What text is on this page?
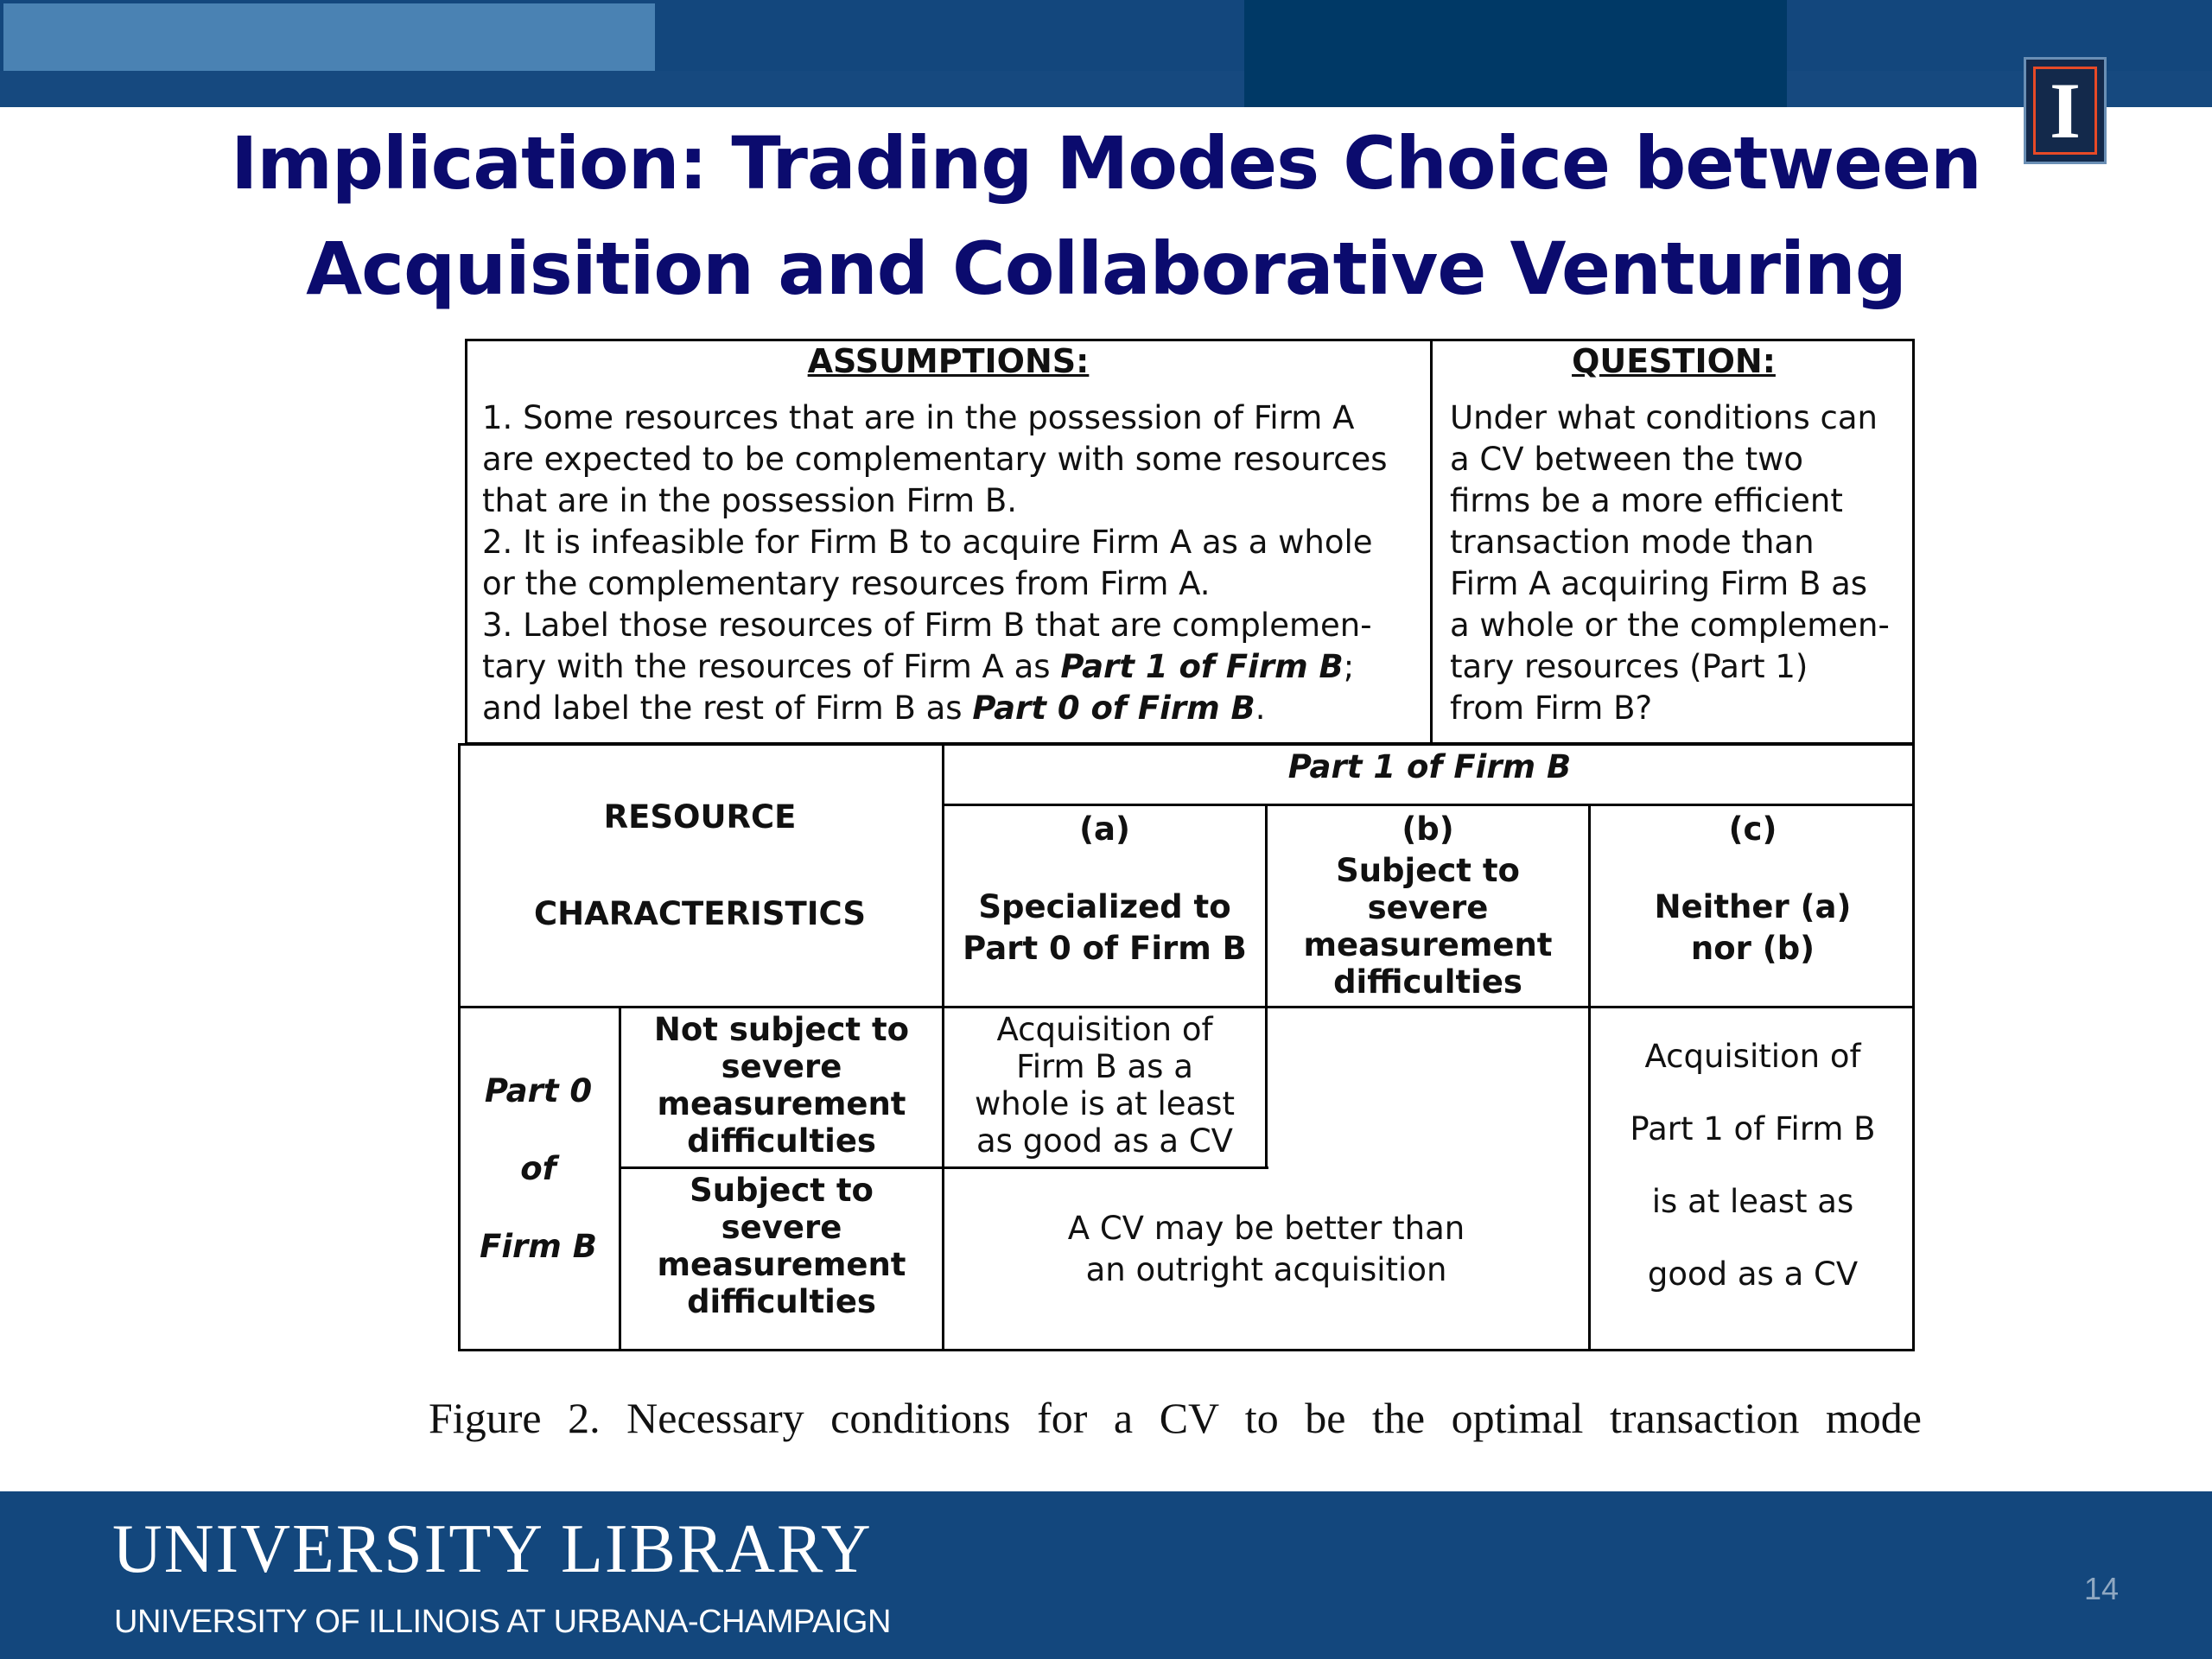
I
Implication: Trading Modes Choice between
Acquisition and Collaborative Venturing
ASSUMPTIONS:
1. Some resources that are in the possession of Firm A
are expected to be complementary with some resources
that are in the possession Firm B.
2. It is infeasible for Firm B to acquire Firm A as a whole
or the complementary resources from Firm A.
3. Label those resources of Firm B that are complemen-
tary with the resources of Firm A as Part 1 of Firm B;
and label the rest of Firm B as Part 0 of Firm B.
QUESTION:
Under what conditions can
a CV between the two
firms be a more efficient
transaction mode than
Firm A acquiring Firm B as
a whole or the complemen-
tary resources (Part 1)
from Firm B?
RESOURCE
CHARACTERISTICS
Part 1 of Firm B
(a)
Specialized to
Part 0 of Firm B
(b)
Subject to
severe
measurement
difficulties
(c)
Neither (a)
nor (b)
Part 0

of

Firm B
Not subject to
severe
measurement
difficulties
Subject to
severe
measurement
difficulties
Acquisition of
Firm B as a
whole is at least
as good as a CV
A CV may be better than
an outright acquisition
Acquisition of

Part 1 of Firm B

is at least as

good as a CV
Figure 2. Necessary conditions for a CV to be the optimal transaction mode
UNIVERSITY LIBRARY
UNIVERSITY OF ILLINOIS AT URBANA-CHAMPAIGN
14
